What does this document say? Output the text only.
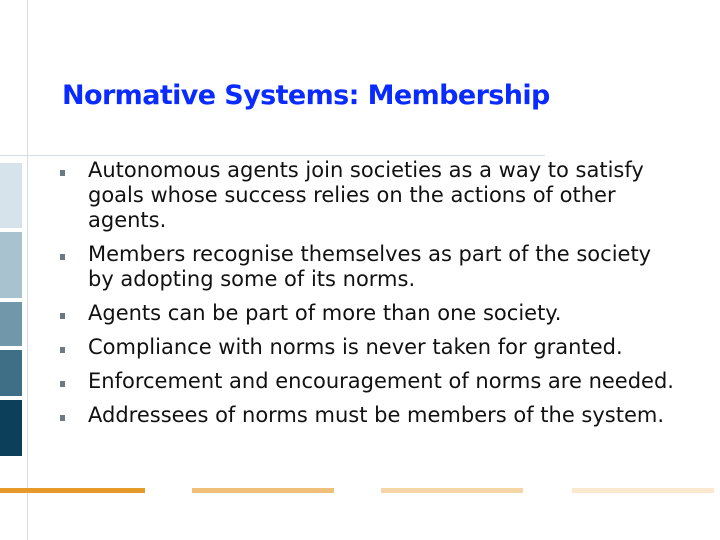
Normative Systems: Membership
Autonomous agents join societies as a way to satisfy goals whose success relies on the actions of other agents.
Members recognise themselves as part of the society by adopting some of its norms.
Agents can be part of more than one society.
Compliance with norms is never taken for granted.
Enforcement and encouragement of norms are needed.
Addressees of norms must be members of the system.
